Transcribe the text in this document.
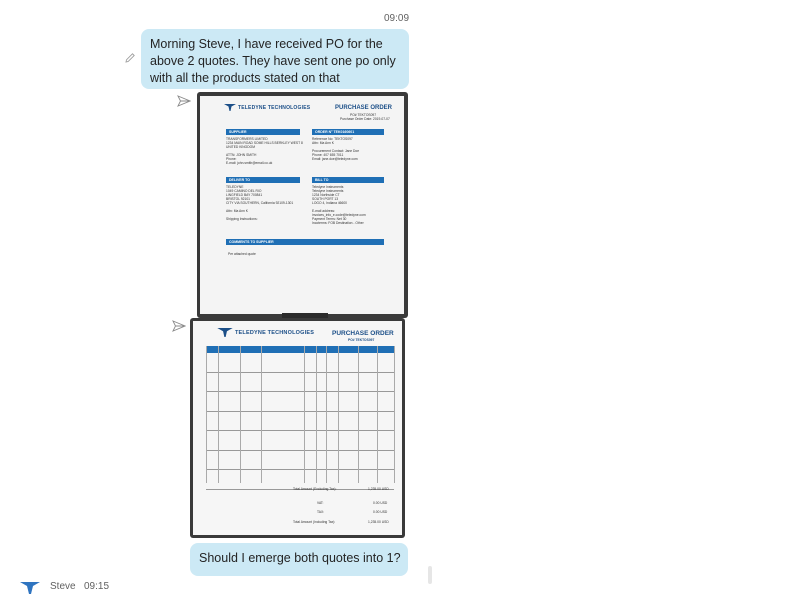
09:09
Morning Steve, I have received PO for the above 2 quotes. They have sent one po only with all the products stated on that
TELEDYNE TECHNOLOGIES	PURCHASE ORDER
PO# TEKTOS097
Purchase Order Date: 2019-07-07
SUPPLIER	ORDER N° TEK0160601
TRANSFORMERS LIMITED
1234 MAIN ROAD SOME HILLS BERKLEY WEST 8
UNITED KINGDOM
ATTN: JOHN SMITH
Phone:
E-mail: john.smith@email.co.uk
Reference No: TEKTOS097
Attn: Ma Ann K
Procurement Contact: Jane Doe
Phone: 407 655 7011
Email: jane.doe@teledyne.com
DELIVER TO	BILL TO
TELEDYNE
1049 CAMINO DEL RIO
LINGFIELD BAY 700841
BRISTOL 92101
CITY VIA SOUTHERN, California 92109-1301
Attn: Ma Ann K
Shipping Instructions:
Teledyne Instruments
Teledyne Instruments
1234 Northside CT
SOUTH PORT 13
LOGO 4, Indiana 46600
E-mail address:
invoices_info_e.code@teledyne.com
Payment Terms: Net 30
Incoterms: FOB Destination - Other
COMMENTS TO SUPPLIER
Per attached quote
TELEDYNE TECHNOLOGIES	PURCHASE ORDER
PO# TEKTOS097
Total Amount (Excluding Tax):	1,235.00 USD
VAT:	0.00 USD
TAX:	0.00 USD
Total Amount (Including Tax):	1,235.00 USD
Should I emerge both quotes into 1?
Steve 09:15
